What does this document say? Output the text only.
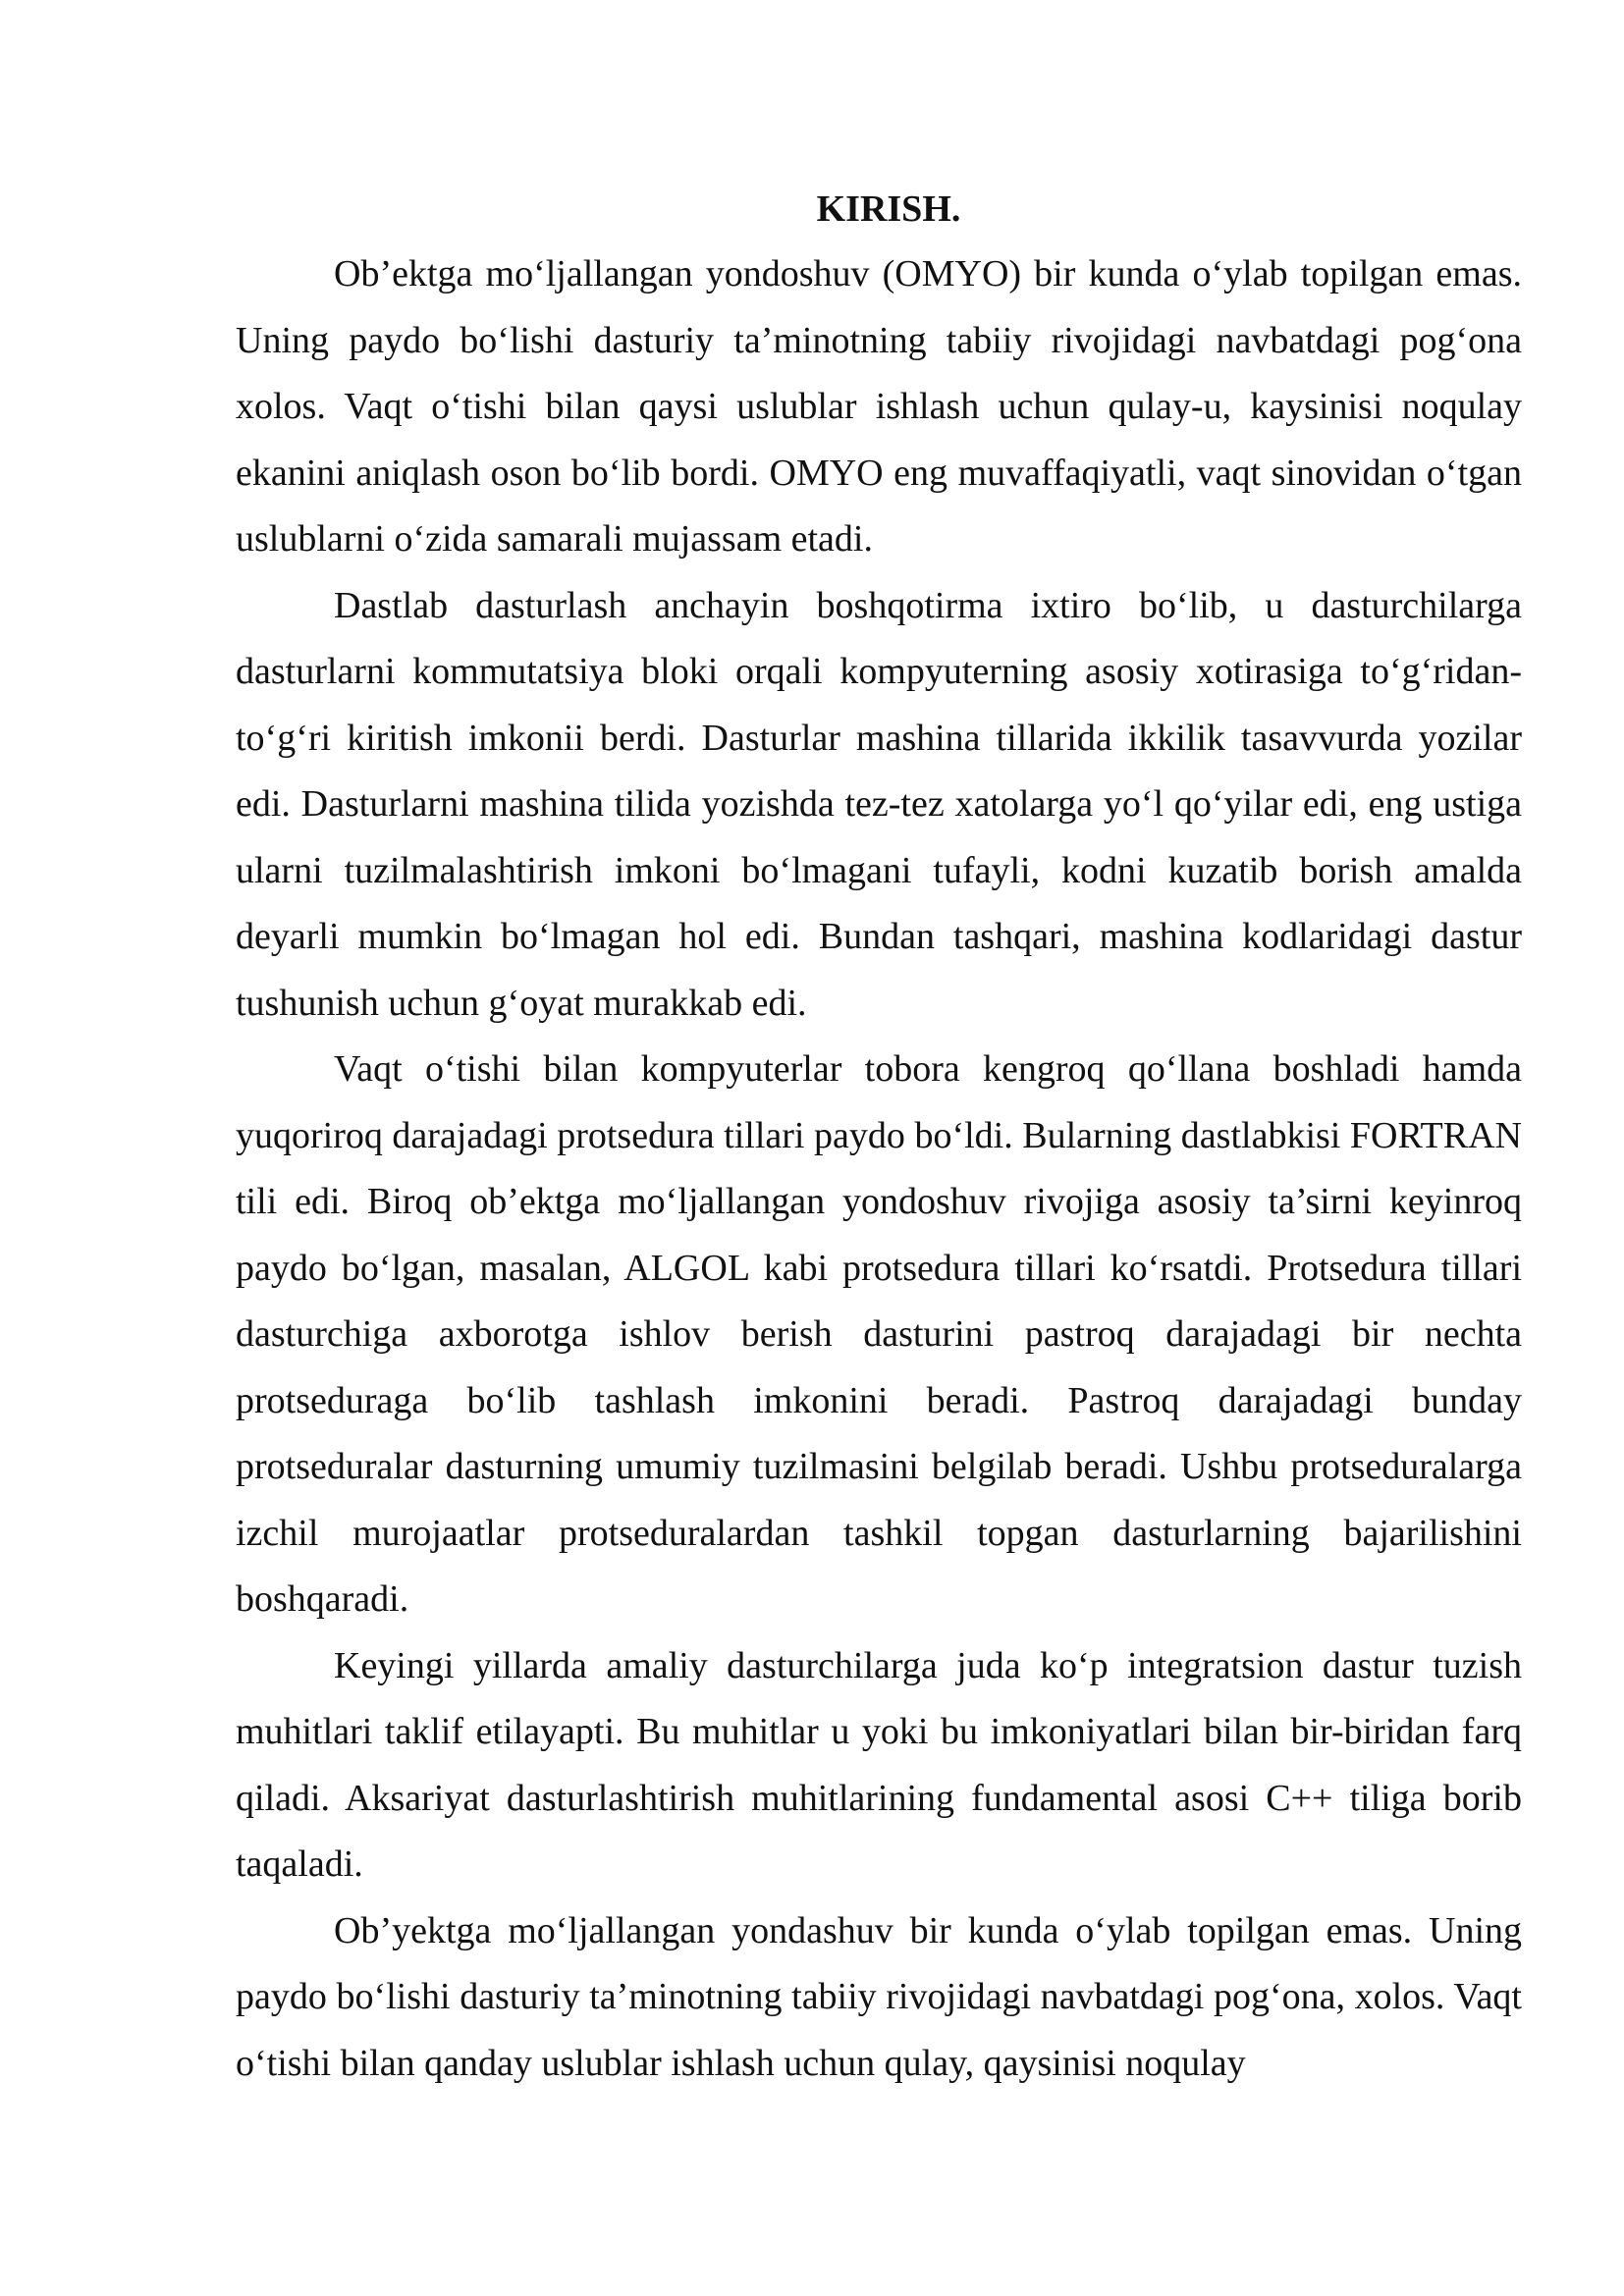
KIRISH.

Ob’ektga mo‘ljallangan yondoshuv (OMYO) bir kunda o‘ylab topilgan emas. Uning paydo bo‘lishi dasturiy ta’minotning tabiiy rivojidagi navbatdagi pog‘ona xolos. Vaqt o‘tishi bilan qaysi uslublar ishlash uchun qulay-u, kaysinisi noqulay ekanini aniqlash oson bo‘lib bordi. OMYO eng muvaffaqiyatli, vaqt sinovidan o‘tgan uslublarni o‘zida samarali mujassam etadi.

Dastlab dasturlash anchayin boshqotirma ixtiro bo‘lib, u dasturchilarga dasturlarni kommutatsiya bloki orqali kompyuterning asosiy xotirasiga to‘g‘ridan-to‘g‘ri kiritish imkonii berdi. Dasturlar mashina tillarida ikkilik tasavvurda yozilar edi. Dasturlarni mashina tilida yozishda tez-tez xatolarga yo‘l qo‘yilar edi, eng ustiga ularni tuzilmalashtirish imkoni bo‘lmagani tufayli, kodni kuzatib borish amalda deyarli mumkin bo‘lmagan hol edi. Bundan tashqari, mashina kodlaridagi dastur tushunish uchun g‘oyat murakkab edi.

Vaqt o‘tishi bilan kompyuterlar tobora kengroq qo‘llana boshladi hamda yuqoriroq darajadagi protsedura tillari paydo bo‘ldi. Bularning dastlabkisi FORTRAN tili edi. Biroq ob’ektga mo‘ljallangan yondoshuv rivojiga asosiy ta’sirni keyinroq paydo bo‘lgan, masalan, ALGOL kabi protsedura tillari ko‘rsatdi. Protsedura tillari dasturchiga axborotga ishlov berish dasturini pastroq darajadagi bir nechta protseduraga bo‘lib tashlash imkonini beradi. Pastroq darajadagi bunday protseduralar dasturning umumiy tuzilmasini belgilab beradi. Ushbu protseduralarga izchil murojaatlar protseduralardan tashkil topgan dasturlarning bajarilishini boshqaradi.

Keyingi yillarda amaliy dasturchilarga juda ko‘p integratsion dastur tuzish muhitlari taklif etilayapti. Bu muhitlar u yoki bu imkoniyatlari bilan bir-biridan farq qiladi. Aksariyat dasturlashtirish muhitlarining fundamental asosi C++ tiliga borib taqaladi.

Ob’yektga mo‘ljallangan yondashuv bir kunda o‘ylab topilgan emas. Uning paydo bo‘lishi dasturiy ta’minotning tabiiy rivojidagi navbatdagi pog‘ona, xolos. Vaqt o‘tishi bilan qanday uslublar ishlash uchun qulay, qaysinisi noqulay
